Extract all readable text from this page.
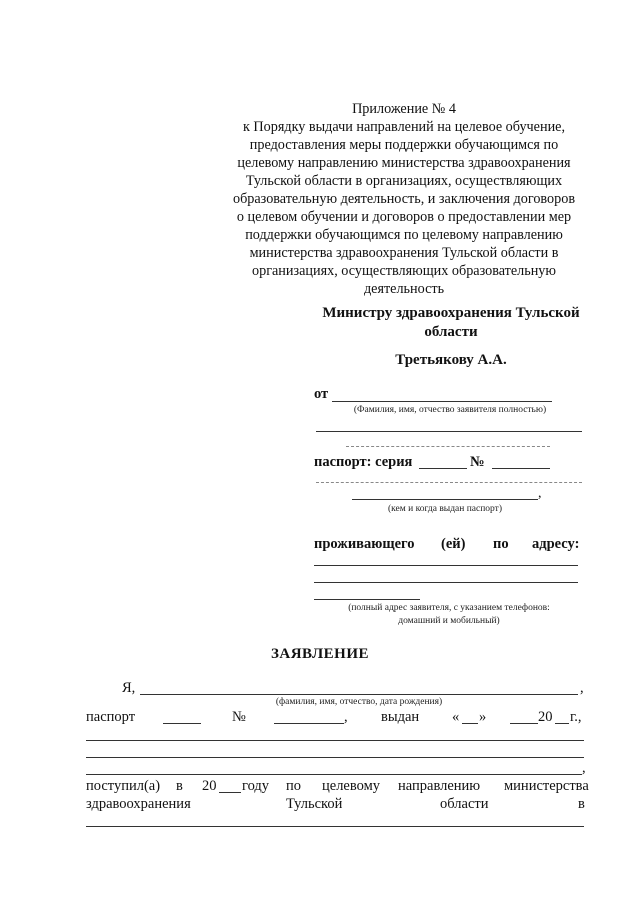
Приложение № 4
к Порядку выдачи направлений на целевое обучение,
предоставления меры поддержки обучающимся по
целевому направлению министерства здравоохранения
Тульской области в организациях, осуществляющих
образовательную деятельность, и заключения договоров
о целевом обучении и договоров о предоставлении мер
поддержки обучающимся по целевому направлению
министерства здравоохранения Тульской области в
организациях, осуществляющих образовательную
деятельность
Министру здравоохранения Тульской
области
Третьякову А.А.
от
(Фамилия, имя, отчество заявителя полностью)
паспорт: серия	№
,
(кем и когда выдан паспорт)
проживающего (ей) по адресу:
(полный адрес заявителя, с указанием телефонов:
домашний и мобильный)
ЗАЯВЛЕНИЕ
Я,	,
(фамилия, имя, отчество, дата рождения)
паспорт	№	, выдан « »	20 г.,
,
поступил(а) в 20 году по целевому направлению министерства
здравоохранения	Тульской	области	в
